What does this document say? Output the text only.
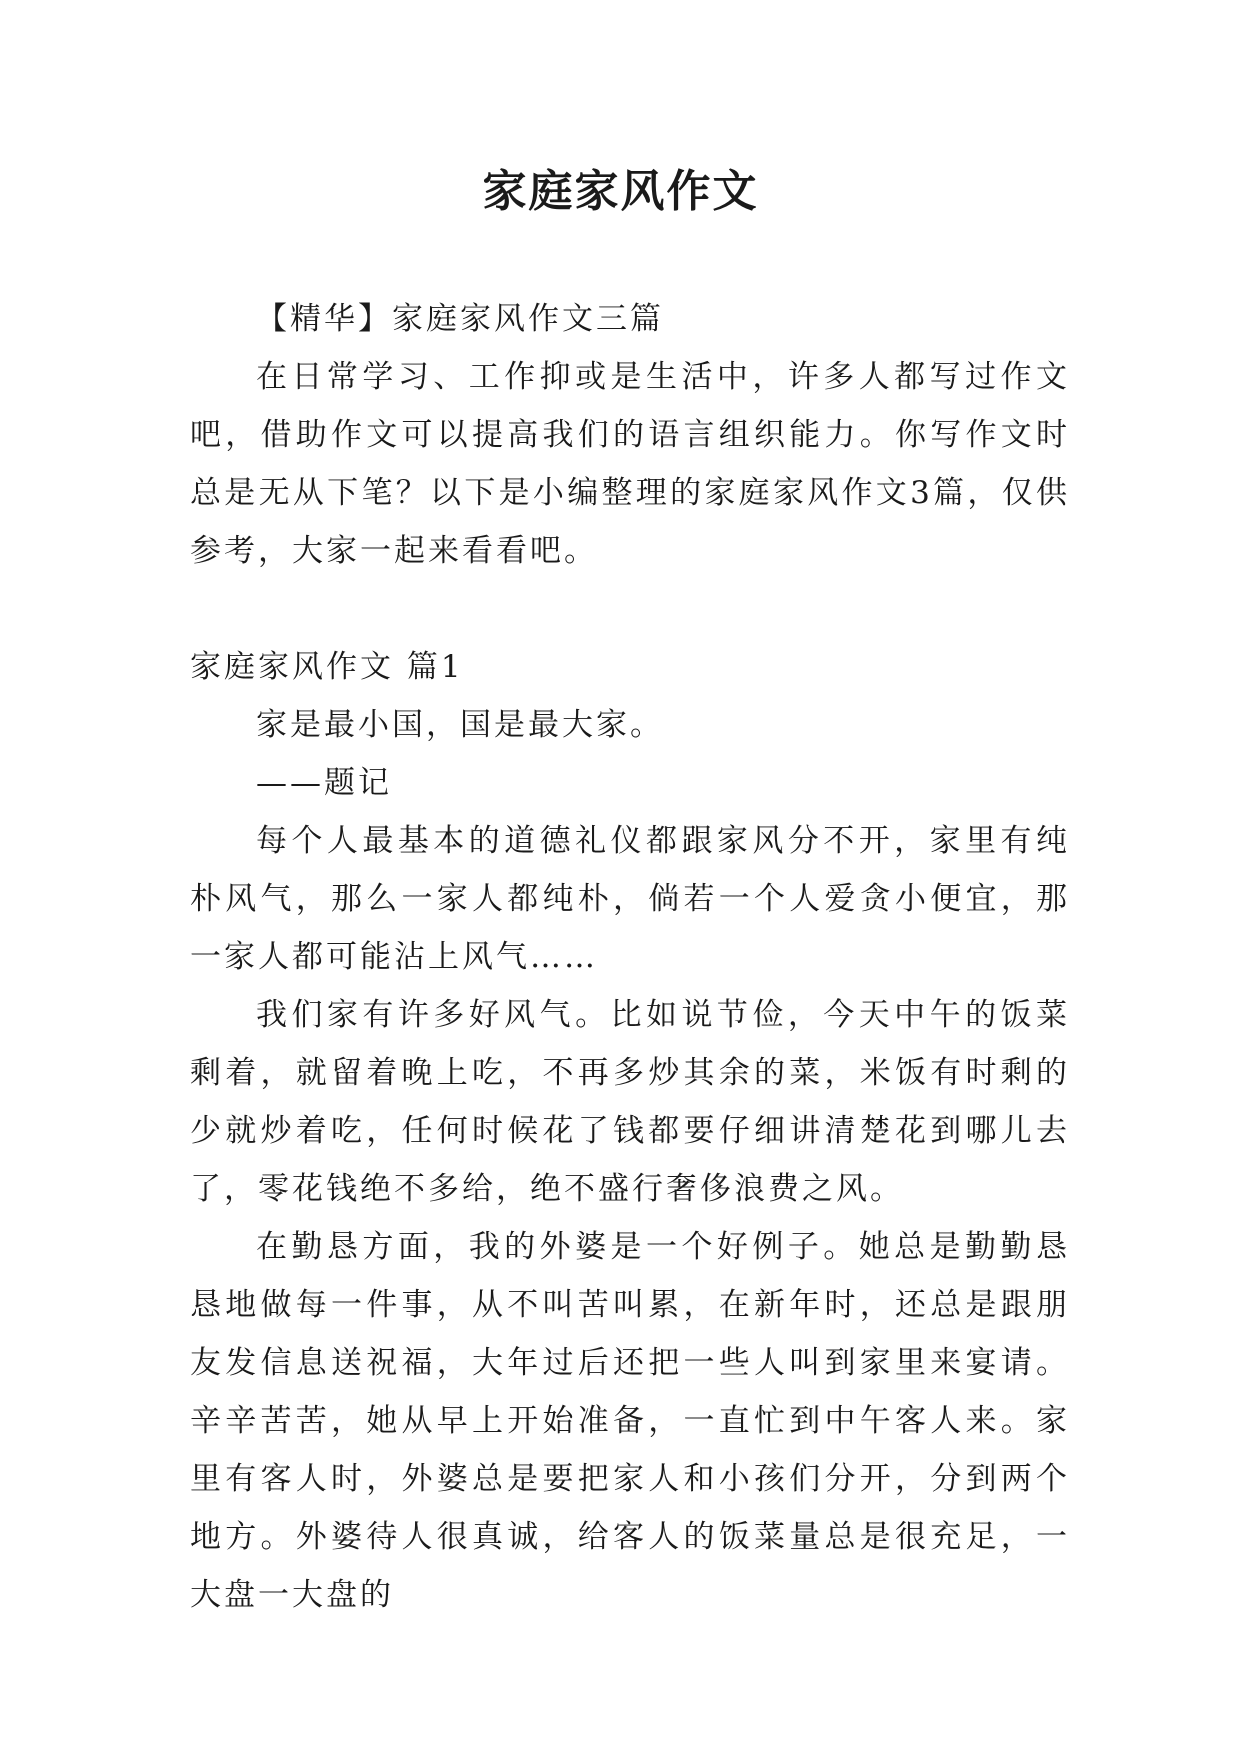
家庭家风作文

【精华】家庭家风作文三篇

在日常学习、工作抑或是生活中，许多人都写过作文吧，借助作文可以提高我们的语言组织能力。你写作文时总是无从下笔？以下是小编整理的家庭家风作文3篇，仅供参考，大家一起来看看吧。

家庭家风作文 篇1

家是最小国，国是最大家。

——题记

每个人最基本的道德礼仪都跟家风分不开，家里有纯朴风气，那么一家人都纯朴，倘若一个人爱贪小便宜，那一家人都可能沾上风气……

我们家有许多好风气。比如说节俭，今天中午的饭菜剩着，就留着晚上吃，不再多炒其余的菜，米饭有时剩的少就炒着吃，任何时候花了钱都要仔细讲清楚花到哪儿去了，零花钱绝不多给，绝不盛行奢侈浪费之风。

在勤恳方面，我的外婆是一个好例子。她总是勤勤恳恳地做每一件事，从不叫苦叫累，在新年时，还总是跟朋友发信息送祝福，大年过后还把一些人叫到家里来宴请。辛辛苦苦，她从早上开始准备，一直忙到中午客人来。家里有客人时，外婆总是要把家人和小孩们分开，分到两个地方。外婆待人很真诚，给客人的饭菜量总是很充足，一大盘一大盘的
